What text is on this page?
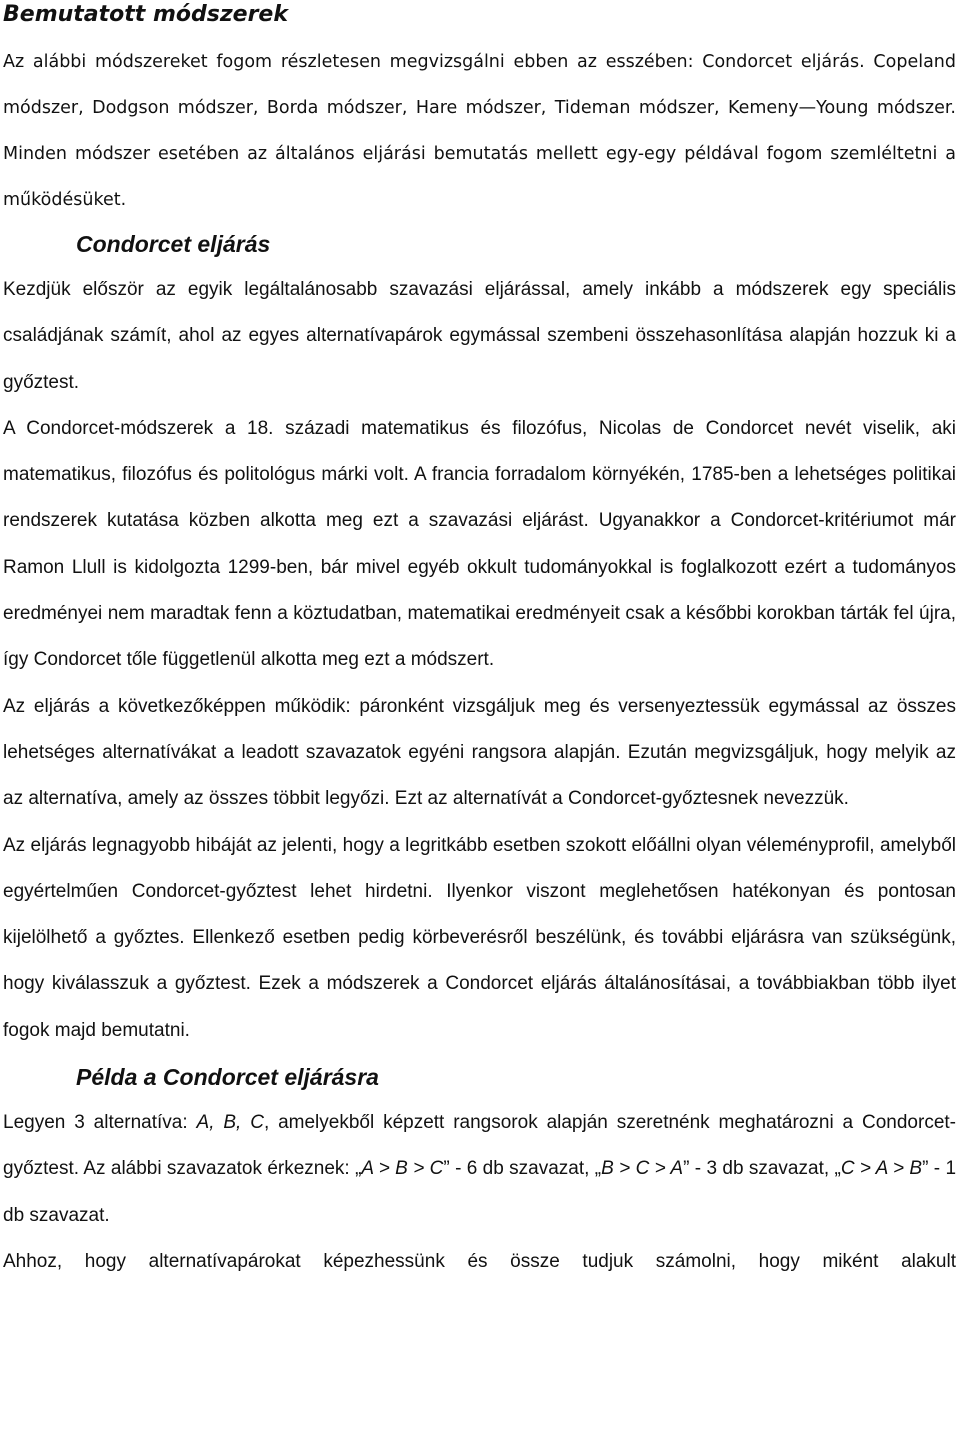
Bemutatott módszerek

Az alábbi módszereket fogom részletesen megvizsgálni ebben az esszében: Condorcet eljárás. Copeland módszer, Dodgson módszer, Borda módszer, Hare módszer, Tideman módszer, Kemeny—Young módszer. Minden módszer esetében az általános eljárási bemutatás mellett egy-egy példával fogom szemléltetni a működésüket.

Condorcet eljárás

Kezdjük először az egyik legáltalánosabb szavazási eljárással, amely inkább a módszerek egy speciális családjának számít, ahol az egyes alternatívapárok egymással szembeni összehasonlítása alapján hozzuk ki a győztest.

A Condorcet-módszerek a 18. századi matematikus és filozófus, Nicolas de Condorcet nevét viselik, aki matematikus, filozófus és politológus márki volt. A francia forradalom környékén, 1785-ben a lehetséges politikai rendszerek kutatása közben alkotta meg ezt a szavazási eljárást. Ugyanakkor a Condorcet-kritériumot már Ramon Llull is kidolgozta 1299-ben, bár mivel egyéb okkult tudományokkal is foglalkozott ezért a tudományos eredményei nem maradtak fenn a köztudatban, matematikai eredményeit csak a későbbi korokban tárták fel újra, így Condorcet tőle függetlenül alkotta meg ezt a módszert.

Az eljárás a következőképpen működik: páronként vizsgáljuk meg és versenyeztessük egymással az összes lehetséges alternatívákat a leadott szavazatok egyéni rangsora alapján. Ezután megvizsgáljuk, hogy melyik az az alternatíva, amely az összes többit legyőzi. Ezt az alternatívát a Condorcet-győztesnek nevezzük.

Az eljárás legnagyobb hibáját az jelenti, hogy a legritkább esetben szokott előállni olyan véleményprofil, amelyből egyértelműen Condorcet-győztest lehet hirdetni. Ilyenkor viszont meglehetősen hatékonyan és pontosan kijelölhető a győztes. Ellenkező esetben pedig körbeverésről beszélünk, és további eljárásra van szükségünk, hogy kiválasszuk a győztest. Ezek a módszerek a Condorcet eljárás általánosításai, a továbbiakban több ilyet fogok majd bemutatni.

Példa a Condorcet eljárásra

Legyen 3 alternatíva: A, B, C, amelyekből képzett rangsorok alapján szeretnénk meghatározni a Condorcet-győztest. Az alábbi szavazatok érkeznek: „A > B > C” - 6 db szavazat, „B > C > A” - 3 db szavazat, „C > A > B” - 1 db szavazat.

Ahhoz, hogy alternatívapárokat képezhessünk és össze tudjuk számolni, hogy miként alakult
